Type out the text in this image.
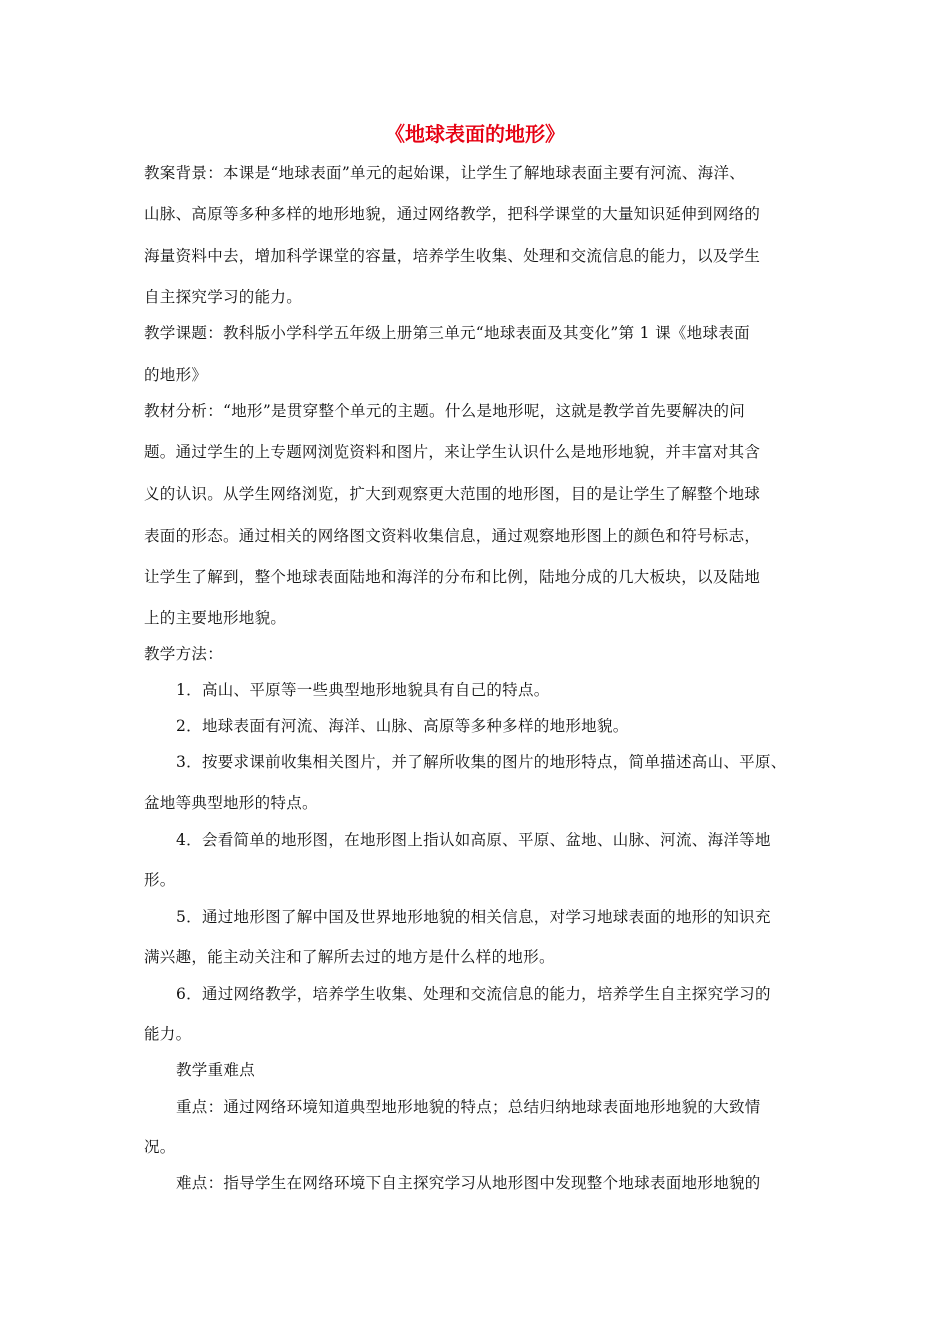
《地球表面的地形》
教案背景：本课是“地球表面”单元的起始课，让学生了解地球表面主要有河流、海洋、
山脉、高原等多种多样的地形地貌，通过网络教学，把科学课堂的大量知识延伸到网络的
海量资料中去，增加科学课堂的容量，培养学生收集、处理和交流信息的能力，以及学生
自主探究学习的能力。
教学课题：教科版小学科学五年级上册第三单元“地球表面及其变化”第 1 课《地球表面
的地形》
教材分析：“地形”是贯穿整个单元的主题。什么是地形呢，这就是教学首先要解决的问
题。通过学生的上专题网浏览资料和图片，来让学生认识什么是地形地貌，并丰富对其含
义的认识。从学生网络浏览，扩大到观察更大范围的地形图，目的是让学生了解整个地球
表面的形态。通过相关的网络图文资料收集信息，通过观察地形图上的颜色和符号标志，
让学生了解到，整个地球表面陆地和海洋的分布和比例，陆地分成的几大板块，以及陆地
上的主要地形地貌。
教学方法：
1．高山、平原等一些典型地形地貌具有自己的特点。
2．地球表面有河流、海洋、山脉、高原等多种多样的地形地貌。
3．按要求课前收集相关图片，并了解所收集的图片的地形特点，简单描述高山、平原、
盆地等典型地形的特点。
4．会看简单的地形图，在地形图上指认如高原、平原、盆地、山脉、河流、海洋等地
形。
5．通过地形图了解中国及世界地形地貌的相关信息，对学习地球表面的地形的知识充
满兴趣，能主动关注和了解所去过的地方是什么样的地形。
6．通过网络教学，培养学生收集、处理和交流信息的能力，培养学生自主探究学习的
能力。
教学重难点
重点：通过网络环境知道典型地形地貌的特点；总结归纳地球表面地形地貌的大致情
况。
难点：指导学生在网络环境下自主探究学习从地形图中发现整个地球表面地形地貌的
